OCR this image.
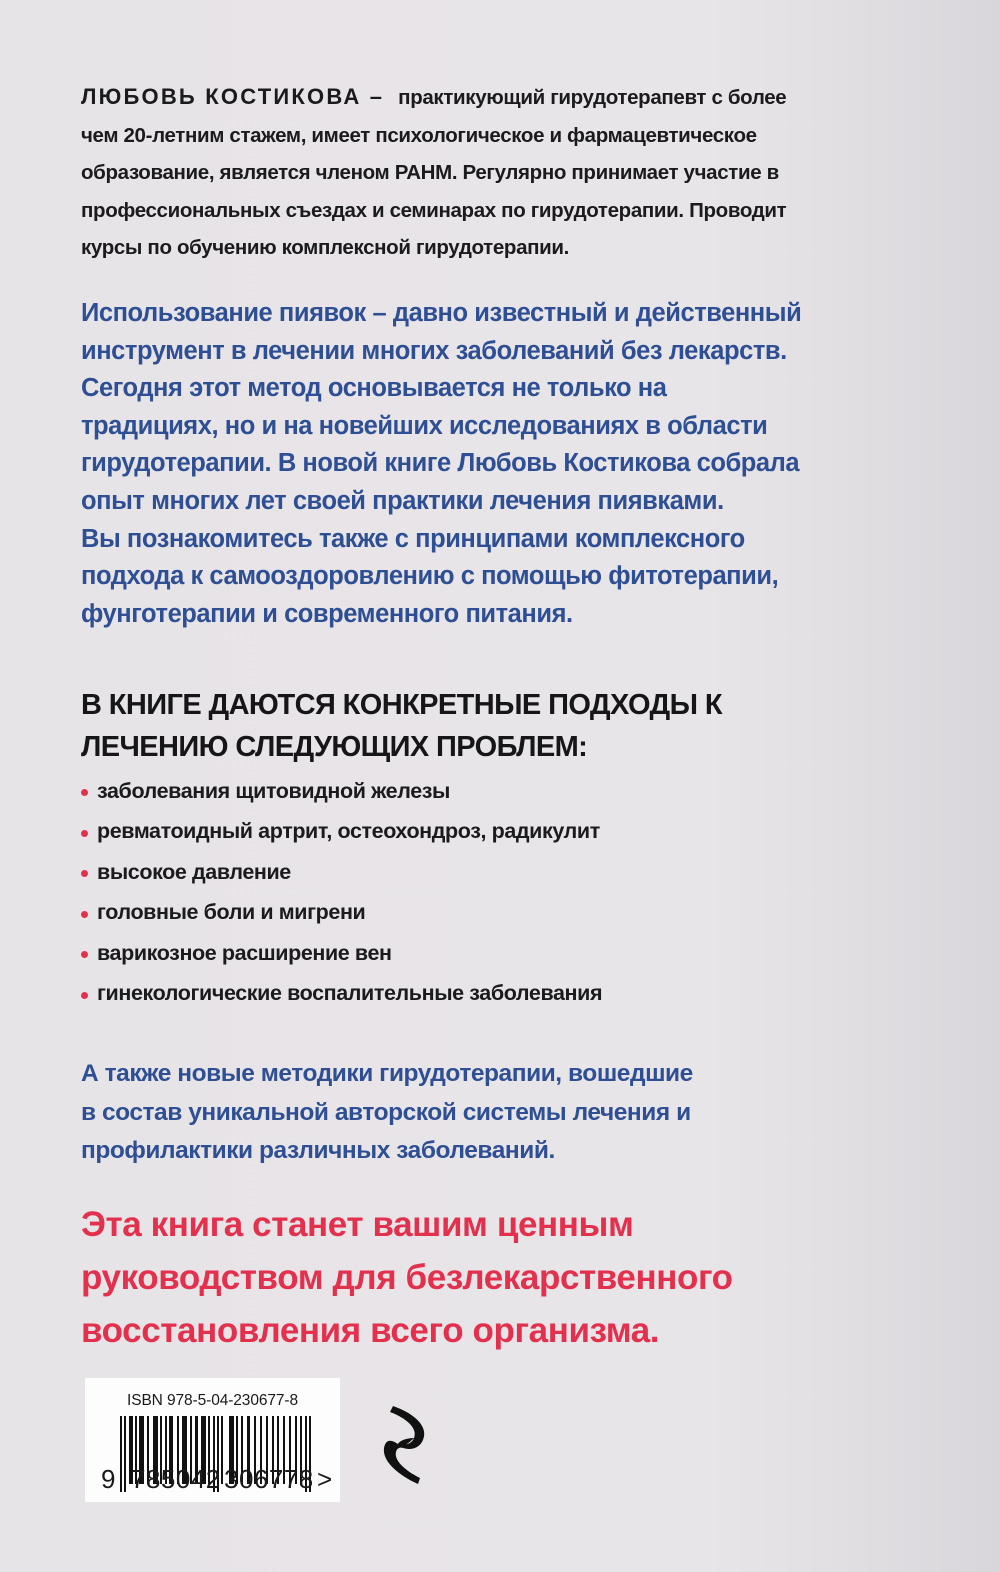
ЛЮБОВЬ КОСТИКОВА – практикующий гирудотерапевт с более
чем 20-летним стажем, имеет психологическое и фармацевтическое
образование, является членом РАНМ. Регулярно принимает участие в
профессиональных съездах и семинарах по гирудотерапии. Проводит
курсы по обучению комплексной гирудотерапии.
Использование пиявок – давно известный и действенный
инструмент в лечении многих заболеваний без лекарств.
Сегодня этот метод основывается не только на
традициях, но и на новейших исследованиях в области
гирудотерапии. В новой книге Любовь Костикова собрала
опыт многих лет своей практики лечения пиявками.
Вы познакомитесь также с принципами комплексного
подхода к самооздоровлению с помощью фитотерапии,
фунготерапии и современного питания.
В КНИГЕ ДАЮТСЯ КОНКРЕТНЫЕ ПОДХОДЫ К
ЛЕЧЕНИЮ СЛЕДУЮЩИХ ПРОБЛЕМ:
заболевания щитовидной железы
ревматоидный артрит, остеохондроз, радикулит
высокое давление
головные боли и мигрени
варикозное расширение вен
гинекологические воспалительные заболевания
А также новые методики гирудотерапии, вошедшие
в состав уникальной авторской системы лечения и
профилактики различных заболеваний.
Эта книга станет вашим ценным
руководством для безлекарственного
восстановления всего организма.
ISBN 978-5-04-230677-8
9 785042 306778 >
